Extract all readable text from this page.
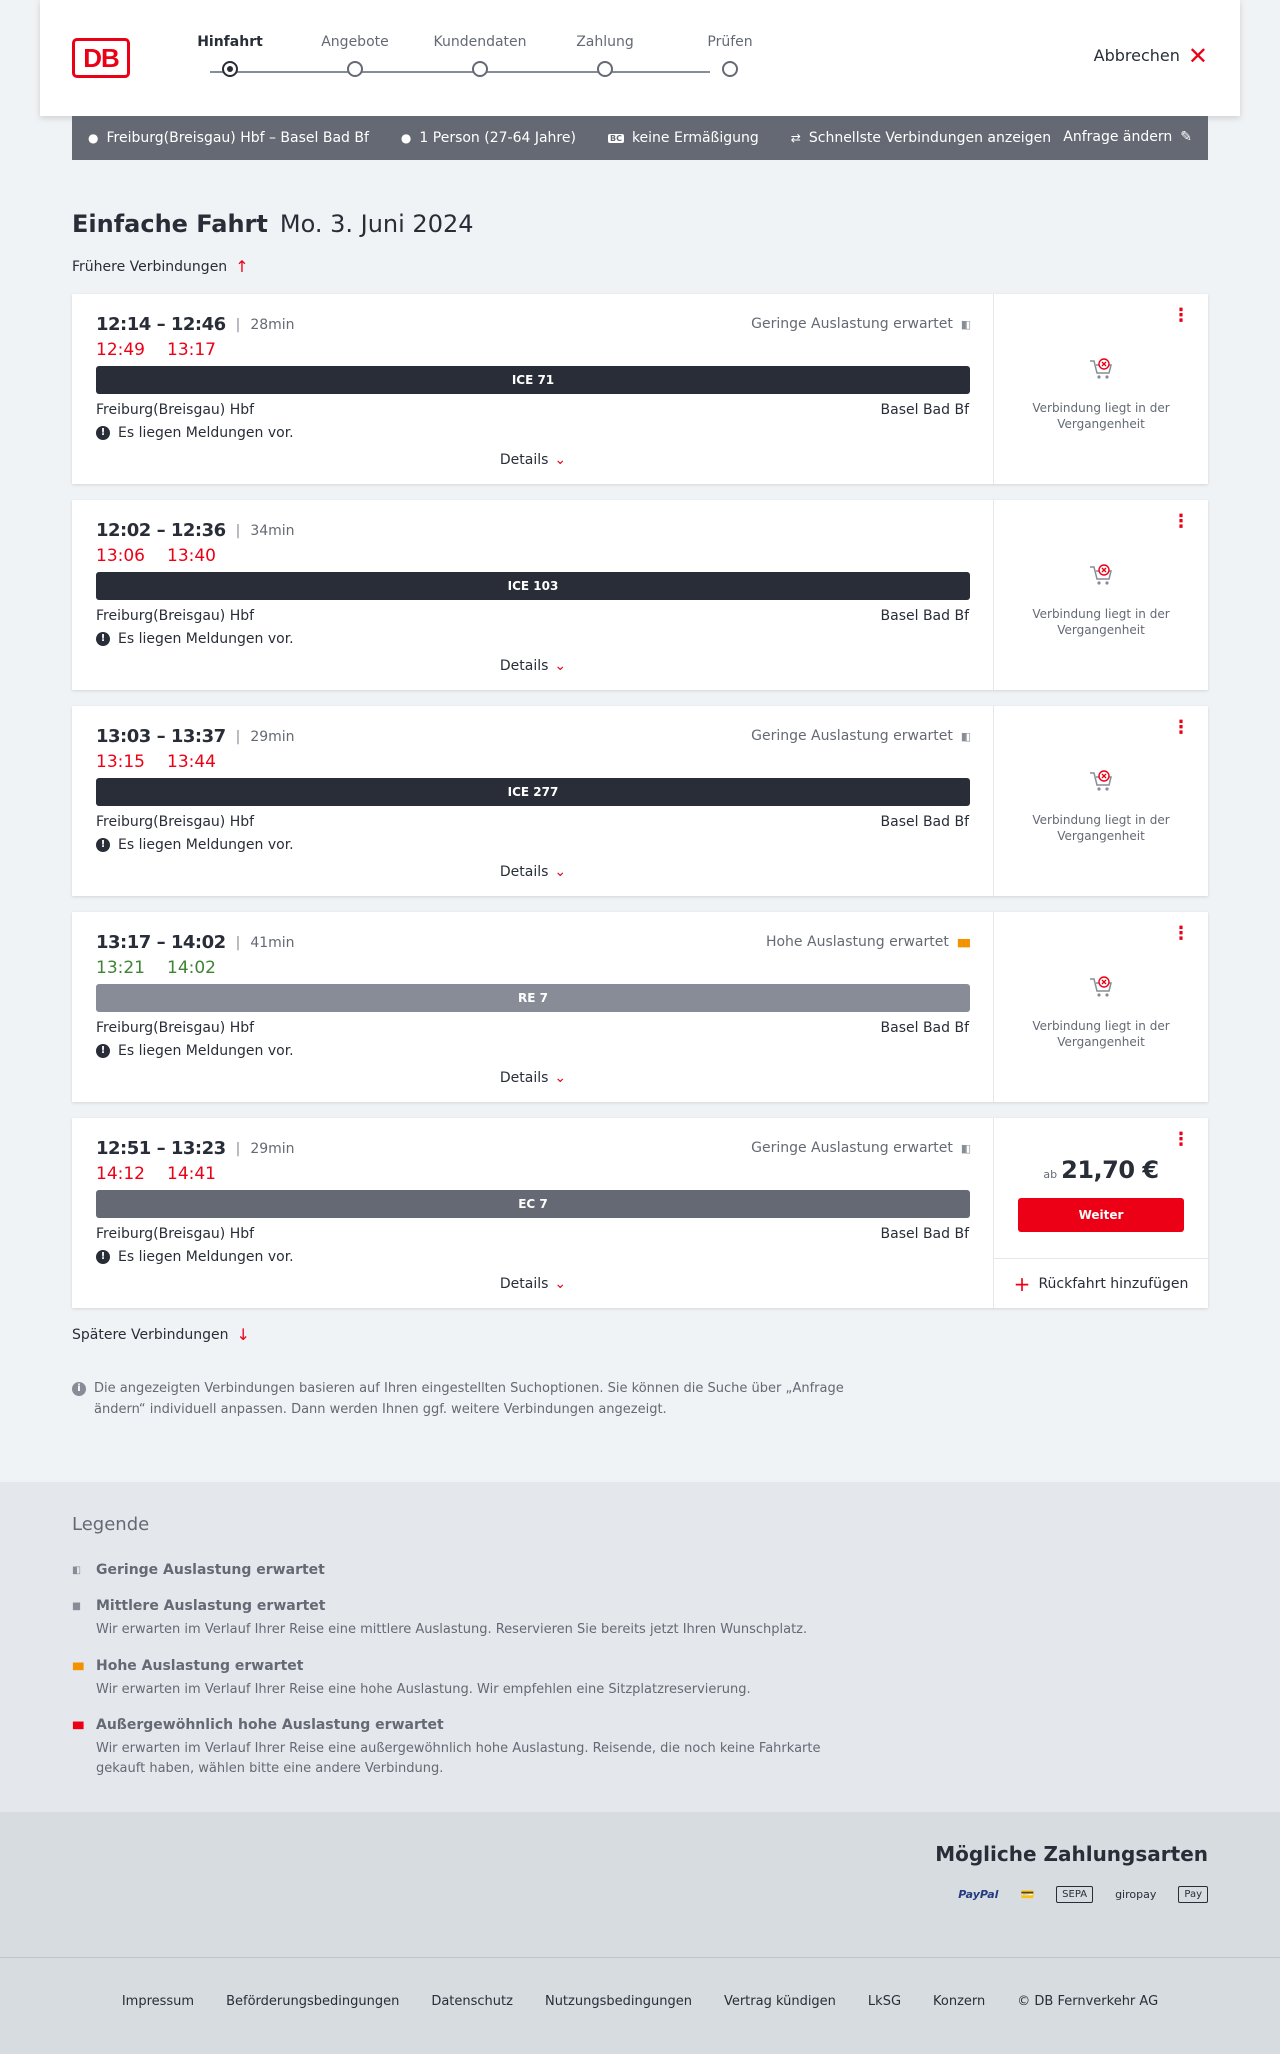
DB
Hinfahrt	Angebote	Kundendaten	Zahlung	Prüfen
Abbrechen ✕
● Freiburg(Breisgau) Hbf – Basel Bad Bf	● 1 Person (27-64 Jahre)	BC keine Ermäßigung	⇄ Schnellste Verbindungen anzeigen Anfrage ändern ✎
Einfache Fahrt Mo. 3. Juni 2024
Frühere Verbindungen ↑
12:14 – 12:46 | 28min
12:49 13:17
Geringe Auslastung erwartet ▮▯
ICE 71
Freiburg(Breisgau) Hbf	Basel Bad Bf
! Es liegen Meldungen vor.
Details ⌄
⋮
Verbindung liegt in der Vergangenheit
12:02 – 12:36 | 34min
13:06 13:40
ICE 103
Freiburg(Breisgau) Hbf	Basel Bad Bf
! Es liegen Meldungen vor.
Details ⌄
⋮
Verbindung liegt in der Vergangenheit
13:03 – 13:37 | 29min
13:15 13:44
Geringe Auslastung erwartet ▮▯
ICE 277
Freiburg(Breisgau) Hbf	Basel Bad Bf
! Es liegen Meldungen vor.
Details ⌄
⋮
Verbindung liegt in der Vergangenheit
13:17 – 14:02 | 41min
13:21 14:02
Hohe Auslastung erwartet ▮▮▮
RE 7
Freiburg(Breisgau) Hbf	Basel Bad Bf
! Es liegen Meldungen vor.
Details ⌄
⋮
Verbindung liegt in der Vergangenheit
12:51 – 13:23 | 29min
14:12 14:41
Geringe Auslastung erwartet ▮▯
EC 7
Freiburg(Breisgau) Hbf	Basel Bad Bf
! Es liegen Meldungen vor.
Details ⌄
⋮
ab 21,70 €
Weiter
+ Rückfahrt hinzufügen
Spätere Verbindungen ↓
i	Die angezeigten Verbindungen basieren auf Ihren eingestellten Suchoptionen. Sie können die Suche über „Anfrage ändern“ individuell anpassen. Dann werden Ihnen ggf. weitere Verbindungen angezeigt.
Legende
▮▯	Geringe Auslastung erwartet
▮▮	Mittlere Auslastung erwartet
Wir erwarten im Verlauf Ihrer Reise eine mittlere Auslastung. Reservieren Sie bereits jetzt Ihren Wunschplatz.
▮▮▮ Hohe Auslastung erwartet
Wir erwarten im Verlauf Ihrer Reise eine hohe Auslastung. Wir empfehlen eine Sitzplatzreservierung.
▮▮▮ Außergewöhnlich hohe Auslastung erwartet
Wir erwarten im Verlauf Ihrer Reise eine außergewöhnlich hohe Auslastung. Reisende, die noch keine Fahrkarte gekauft haben, wählen bitte eine andere Verbindung.
Mögliche Zahlungsarten
PayPal 💳	SEPA	giropay	Pay
Impressum Beförderungsbedingungen Datenschutz Nutzungsbedingungen Vertrag kündigen LkSG Konzern © DB Fernverkehr AG
